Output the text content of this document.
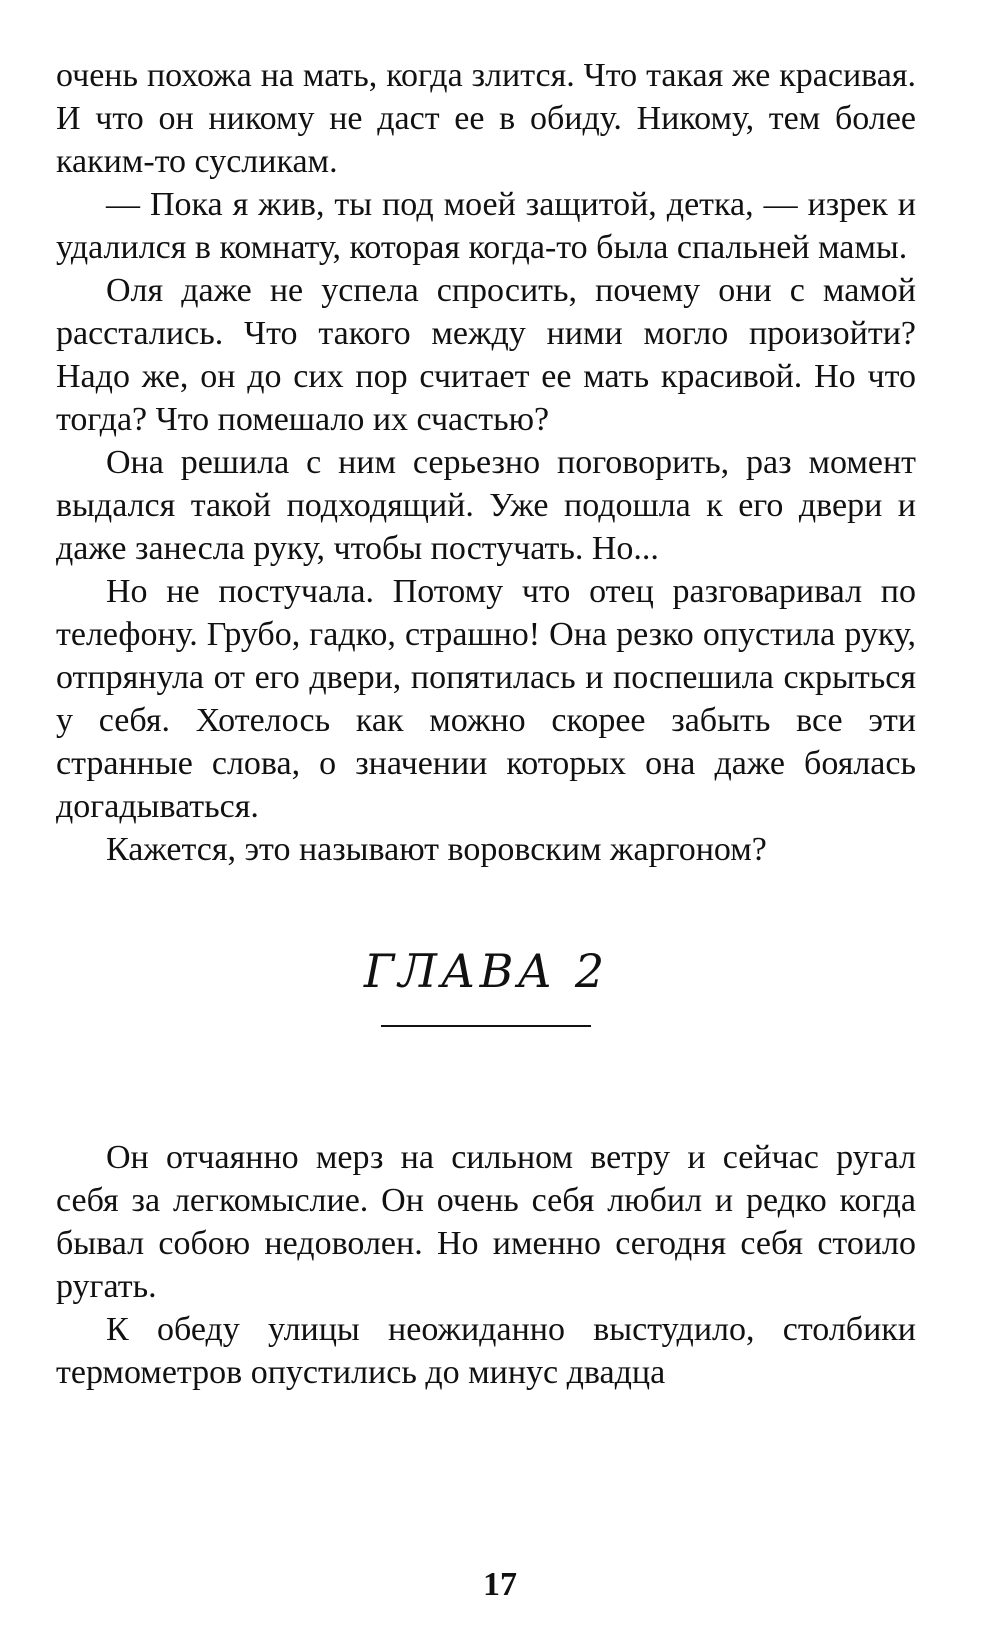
очень похожа на мать, когда злится. Что такая же красивая. И что он никому не даст ее в обиду. Никому, тем более каким-то сусликам.

— Пока я жив, ты под моей защитой, детка, — изрек и удалился в комнату, которая когда-то была спальней мамы.

Оля даже не успела спросить, почему они с мамой расстались. Что такого между ними могло произойти? Надо же, он до сих пор считает ее мать красивой. Но что тогда? Что помешало их счастью?

Она решила с ним серьезно поговорить, раз момент выдался такой подходящий. Уже подошла к его двери и даже занесла руку, чтобы постучать. Но...

Но не постучала. Потому что отец разговаривал по телефону. Грубо, гадко, страшно! Она резко опустила руку, отпрянула от его двери, попятилась и поспешила скрыться у себя. Хотелось как можно скорее забыть все эти странные слова, о значении которых она даже боялась догадываться.

Кажется, это называют воровским жаргоном?

ГЛАВА 2

Он отчаянно мерз на сильном ветру и сейчас ругал себя за легкомыслие. Он очень себя любил и редко когда бывал собою недоволен. Но именно сегодня себя стоило ругать.

К обеду улицы неожиданно выстудило, столбики термометров опустились до минус двадца

17
